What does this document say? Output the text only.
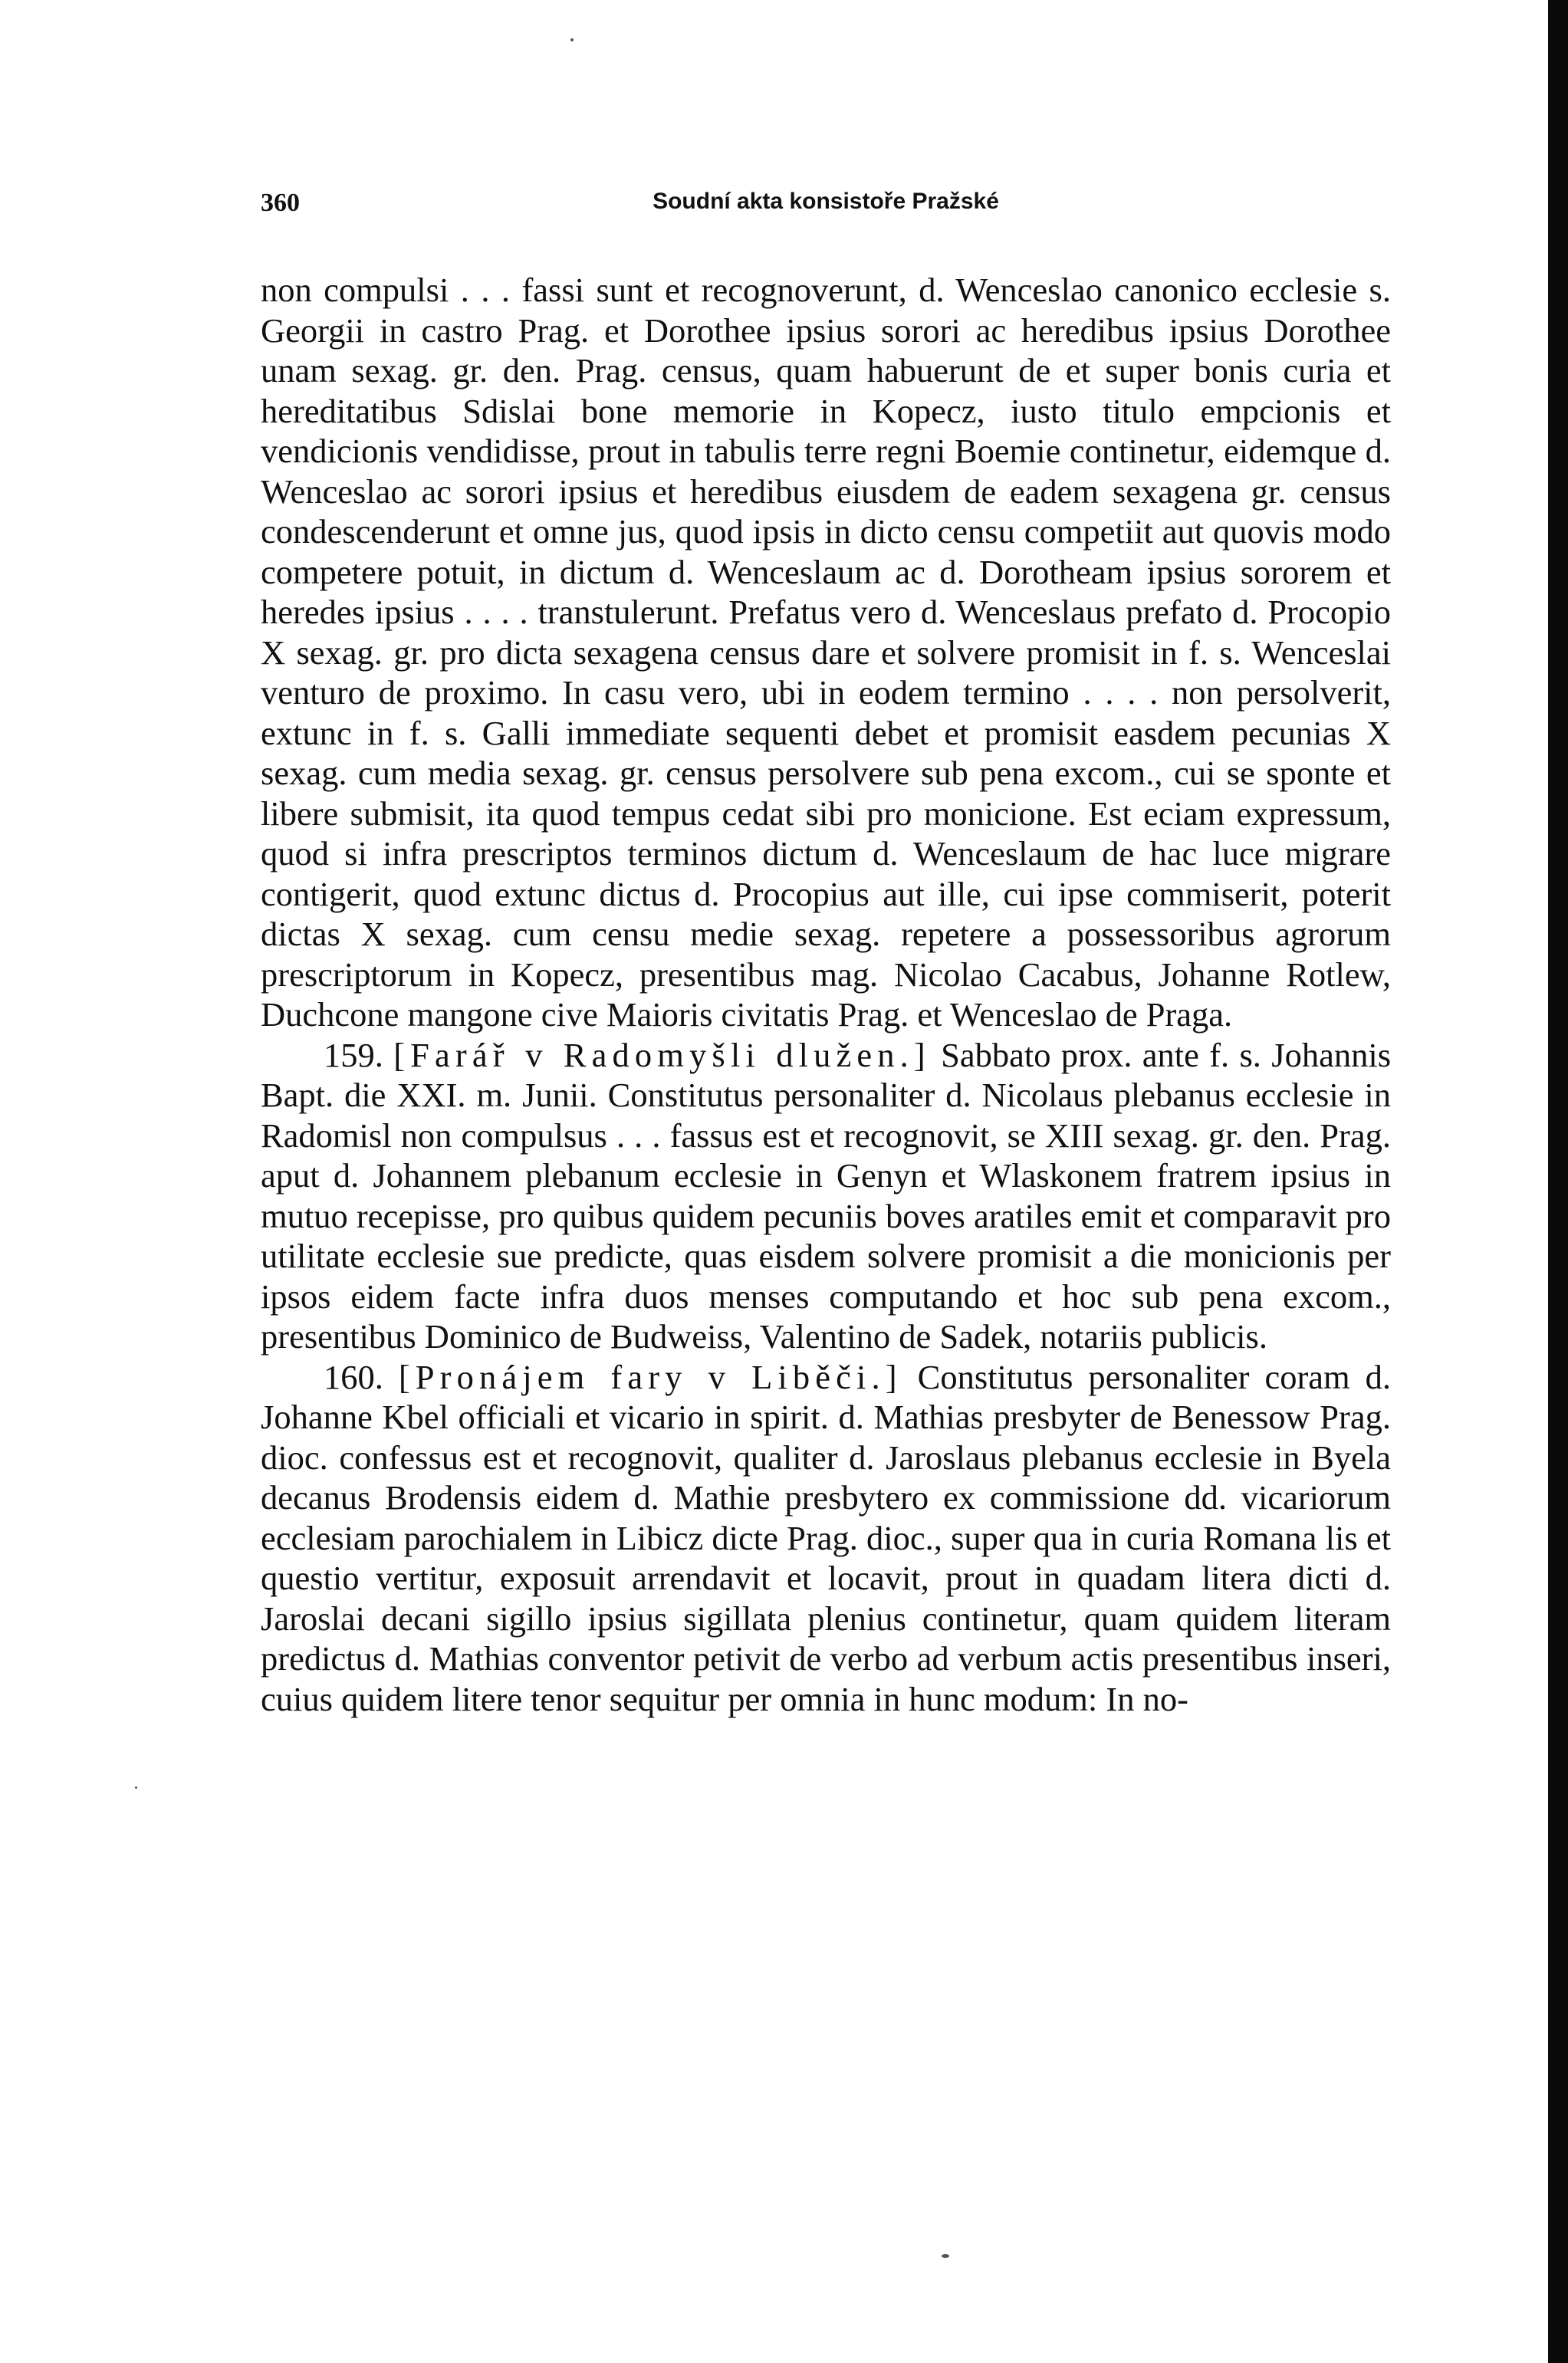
360	Soudní akta konsistoře Pražské

non compulsi . . . fassi sunt et recognoverunt, d. Wenceslao canonico ecclesie s. Georgii in castro Prag. et Dorothee ipsius sorori ac heredibus ipsius Dorothee unam sexag. gr. den. Prag. census, quam habuerunt de et super bonis curia et hereditatibus Sdislai bone memorie in Kopecz, iusto titulo empcionis et vendicionis vendidisse, prout in tabulis terre regni Boemie continetur, eidemque d. Wenceslao ac sorori ipsius et heredibus eiusdem de eadem sexagena gr. census condescenderunt et omne jus, quod ipsis in dicto censu competiit aut quovis modo competere potuit, in dictum d. Wenceslaum ac d. Dorotheam ipsius sororem et heredes ipsius . . . . transtulerunt. Prefatus vero d. Wenceslaus prefato d. Procopio X sexag. gr. pro dicta sexagena census dare et solvere promisit in f. s. Wenceslai venturo de proximo. In casu vero, ubi in eodem termino . . . . non persolverit, extunc in f. s. Galli immediate sequenti debet et promisit easdem pecunias X sexag. cum media sexag. gr. census persolvere sub pena excom., cui se sponte et libere submisit, ita quod tempus cedat sibi pro monicione. Est eciam expressum, quod si infra prescriptos terminos dictum d. Wenceslaum de hac luce migrare contigerit, quod extunc dictus d. Procopius aut ille, cui ipse commiserit, poterit dictas X sexag. cum censu medie sexag. repetere a possessoribus agrorum prescriptorum in Kopecz, presentibus mag. Nicolao Cacabus, Johanne Rotlew, Duchcone mangone cive Maioris civitatis Prag. et Wenceslao de Praga.

159. [Farář v Radomyšli dlužen.] Sabbato prox. ante f. s. Johannis Bapt. die XXI. m. Junii. Constitutus personaliter d. Nicolaus plebanus ecclesie in Radomisl non compulsus . . . fassus est et recognovit, se XIII sexag. gr. den. Prag. aput d. Johannem plebanum ecclesie in Genyn et Wlaskonem fratrem ipsius in mutuo recepisse, pro quibus quidem pecuniis boves aratiles emit et comparavit pro utilitate ecclesie sue predicte, quas eisdem solvere promisit a die monicionis per ipsos eidem facte infra duos menses computando et hoc sub pena excom., presentibus Dominico de Budweiss, Valentino de Sadek, notariis publicis.

160. [Pronájem fary v Liběči.] Constitutus personaliter coram d. Johanne Kbel officiali et vicario in spirit. d. Mathias presbyter de Benessow Prag. dioc. confessus est et recognovit, qualiter d. Jaroslaus plebanus ecclesie in Byela decanus Brodensis eidem d. Mathie presbytero ex commissione dd. vicariorum ecclesiam parochialem in Libicz dicte Prag. dioc., super qua in curia Romana lis et questio vertitur, exposuit arrendavit et locavit, prout in quadam litera dicti d. Jaroslai decani sigillo ipsius sigillata plenius continetur, quam quidem literam predictus d. Mathias conventor petivit de verbo ad verbum actis presentibus inseri, cuius quidem litere tenor sequitur per omnia in hunc modum: In no-
